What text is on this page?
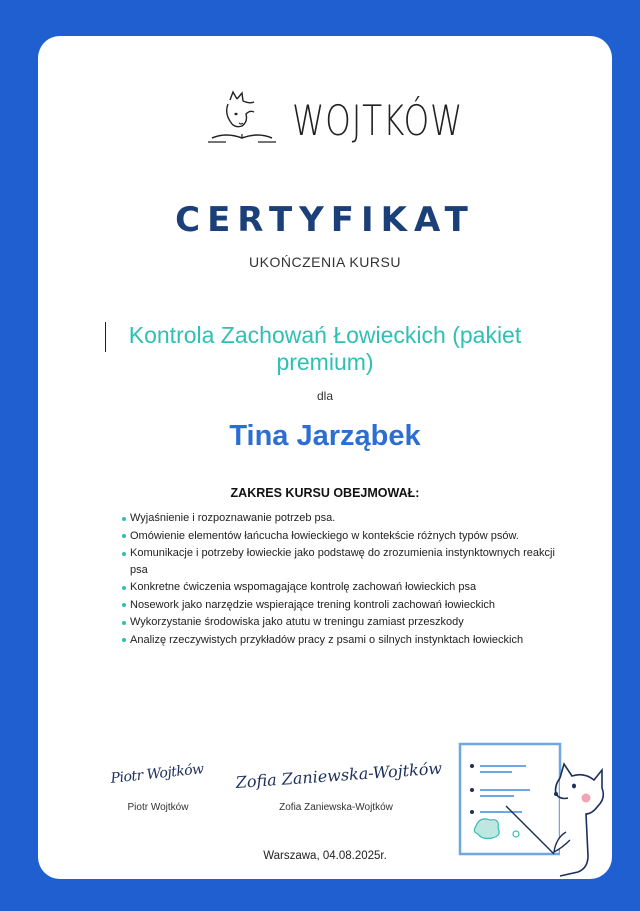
WOJTKÓW
CERTYFIKAT
UKOŃCZENIA KURSU
Kontrola Zachowań Łowieckich (pakiet premium)
dla
Tina Jarząbek
ZAKRES KURSU OBEJMOWAŁ:
Wyjaśnienie i rozpoznawanie potrzeb psa.
Omówienie elementów łańcucha łowieckiego w kontekście różnych typów psów.
Komunikacje i potrzeby łowieckie jako podstawę do zrozumienia instynktownych reakcji psa
Konkretne ćwiczenia wspomagające kontrolę zachowań łowieckich psa
Nosework jako narzędzie wspierające trening kontroli zachowań łowieckich
Wykorzystanie środowiska jako atutu w treningu zamiast przeszkody
Analizę rzeczywistych przykładów pracy z psami o silnych instynktach łowieckich
Piotr Wojtków
Piotr Wojtków
Zofia Zaniewska-Wojtków
Zofia Zaniewska-Wojtków
Warszawa, 04.08.2025r.
